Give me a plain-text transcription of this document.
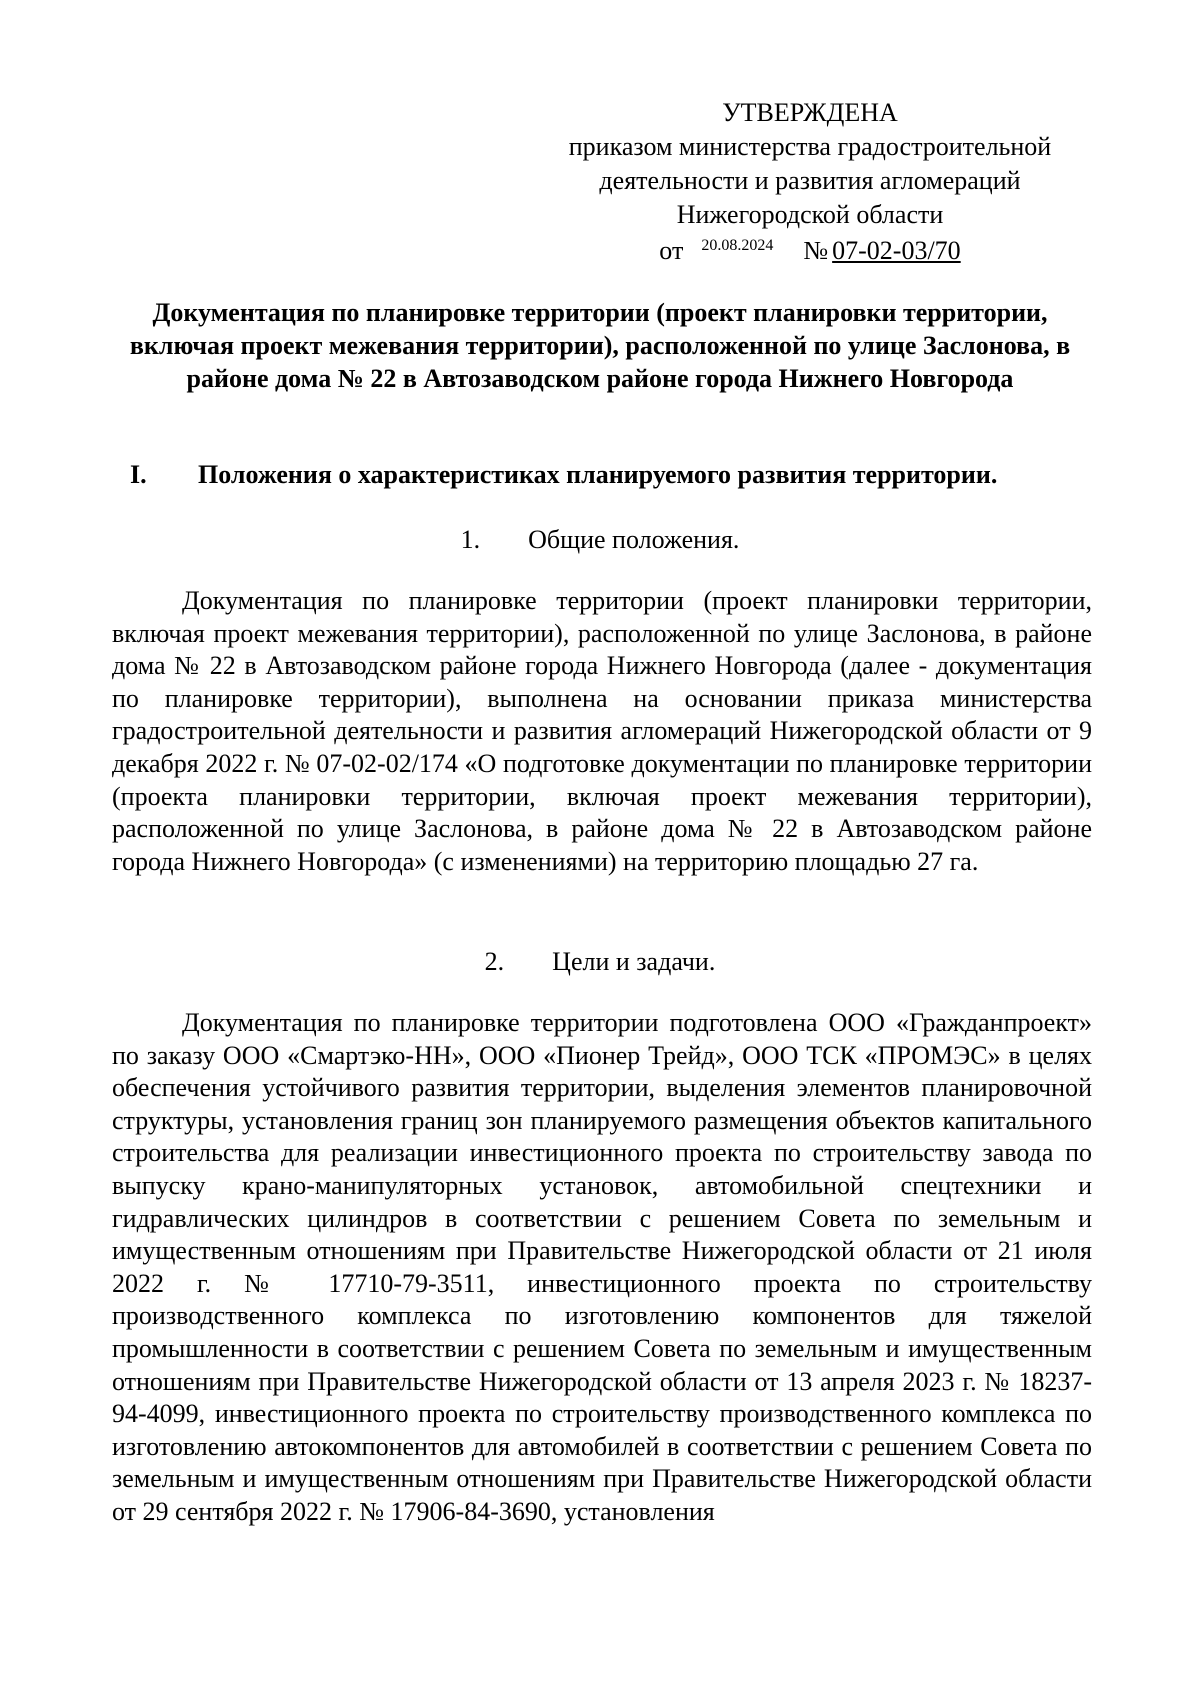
УТВЕРЖДЕНА
приказом министерства градостроительной
деятельности и развития агломераций
Нижегородской области
от 20.08.2024 № 07-02-03/70
Документация по планировке территории (проект планировки территории, включая проект межевания территории), расположенной по улице Заслонова, в районе дома № 22 в Автозаводском районе города Нижнего Новгорода
I.	Положения о характеристиках планируемого развития территории.
1. Общие положения.
Документация по планировке территории (проект планировки территории, включая проект межевания территории), расположенной по улице Заслонова, в районе дома № 22 в Автозаводском районе города Нижнего Новгорода (далее - документация по планировке территории), выполнена на основании приказа министерства градостроительной деятельности и развития агломераций Нижегородской области от 9 декабря 2022 г. № 07-02-02/174 «О подготовке документации по планировке территории (проекта планировки территории, включая проект межевания территории), расположенной по улице Заслонова, в районе дома № 22 в Автозаводском районе города Нижнего Новгорода» (с изменениями) на территорию площадью 27 га.
2. Цели и задачи.
Документация по планировке территории подготовлена ООО «Гражданпроект» по заказу ООО «Смартэко-НН», ООО «Пионер Трейд», ООО ТСК «ПРОМЭС» в целях обеспечения устойчивого развития территории, выделения элементов планировочной структуры, установления границ зон планируемого размещения объектов капитального строительства для реализации инвестиционного проекта по строительству завода по выпуску крано-манипуляторных установок, автомобильной спецтехники и гидравлических цилиндров в соответствии с решением Совета по земельным и имущественным отношениям при Правительстве Нижегородской области от 21 июля 2022 г. № 17710-79-3511, инвестиционного проекта по строительству производственного комплекса по изготовлению компонентов для тяжелой промышленности в соответствии с решением Совета по земельным и имущественным отношениям при Правительстве Нижегородской области от 13 апреля 2023 г. № 18237-94-4099, инвестиционного проекта по строительству производственного комплекса по изготовлению автокомпонентов для автомобилей в соответствии с решением Совета по земельным и имущественным отношениям при Правительстве Нижегородской области от 29 сентября 2022 г. № 17906-84-3690, установления
